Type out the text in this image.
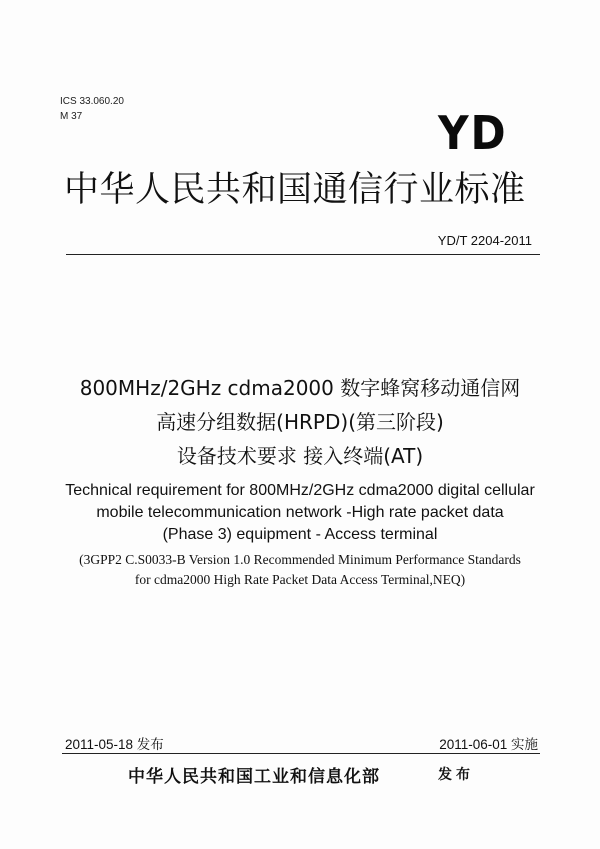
ICS 33.060.20
M 37	YD
中华人民共和国通信行业标准
YD/T 2204-2011
800MHz/2GHz cdma2000 数字蜂窝移动通信网
高速分组数据(HRPD)(第三阶段)
设备技术要求 接入终端(AT)
Technical requirement for 800MHz/2GHz cdma2000 digital cellular
mobile telecommunication network -High rate packet data
(Phase 3) equipment - Access terminal
(3GPP2 C.S0033-B Version 1.0 Recommended Minimum Performance Standards
for cdma2000 High Rate Packet Data Access Terminal,NEQ)
2011-05-18 发布	2011-06-01 实施
中华人民共和国工业和信息化部	发布
